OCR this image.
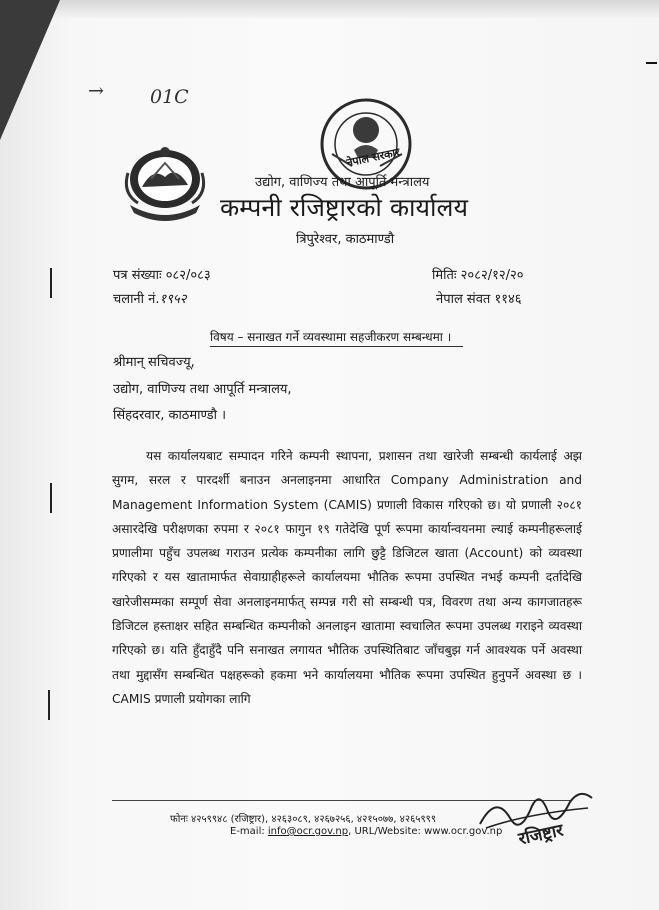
→ 01C
नेपाल सरकार
उद्योग, वाणिज्य तथा आपूर्ति मन्त्रालय
कम्पनी रजिष्ट्रारको कार्यालय
त्रिपुरेश्वर, काठमाण्डौ
पत्र संख्याः ०८२/०८३
चलानी नं.१९५२
मितिः २०८२/१२/२०
नेपाल संवत ११४६
विषय – सनाखत गर्ने व्यवस्थामा सहजीकरण सम्बन्धमा ।
श्रीमान् सचिवज्यू,
उद्योग, वाणिज्य तथा आपूर्ति मन्त्रालय,
सिंहदरवार, काठमाण्डौ ।
यस कार्यालयबाट सम्पादन गरिने कम्पनी स्थापना, प्रशासन तथा खारेजी सम्बन्धी कार्यलाई अझ सुगम, सरल र पारदर्शी बनाउन अनलाइनमा आधारित Company Administration and Management Information System (CAMIS) प्रणाली विकास गरिएको छ। यो प्रणाली २०८१ असारदेखि परीक्षणका रुपमा र २०८१ फागुन १९ गतेदेखि पूर्ण रूपमा कार्यान्वयनमा ल्याई कम्पनीहरूलाई प्रणालीमा पहुँच उपलब्ध गराउन प्रत्येक कम्पनीका लागि छुट्टै डिजिटल खाता (Account) को व्यवस्था गरिएको र यस खातामार्फत सेवाग्राहीहरूले कार्यालयमा भौतिक रूपमा उपस्थित नभई कम्पनी दर्तादेखि खारेजीसम्मका सम्पूर्ण सेवा अनलाइनमार्फत् सम्पन्न गरी सो सम्बन्धी पत्र, विवरण तथा अन्य कागजातहरू डिजिटल हस्ताक्षर सहित सम्बन्धित कम्पनीको अनलाइन खातामा स्वचालित रूपमा उपलब्ध गराइने व्यवस्था गरिएको छ। यति हुँदाहुँदै पनि सनाखत लगायत भौतिक उपस्थितिबाट जाँचबुझ गर्न आवश्यक पर्ने अवस्था तथा मुद्दासँग सम्बन्धित पक्षहरूको हकमा भने कार्यालयमा भौतिक रूपमा उपस्थित हुनुपर्ने अवस्था छ । CAMIS प्रणाली प्रयोगका लागि
फोनः ४२५९९४८ (रजिष्ट्रार), ४२६३०८९, ४२६७२५६, ४२१५०७७, ४२६५९९९
E-mail: info@ocr.gov.np, URL/Website: www.ocr.gov.np रजिष्ट्रार
